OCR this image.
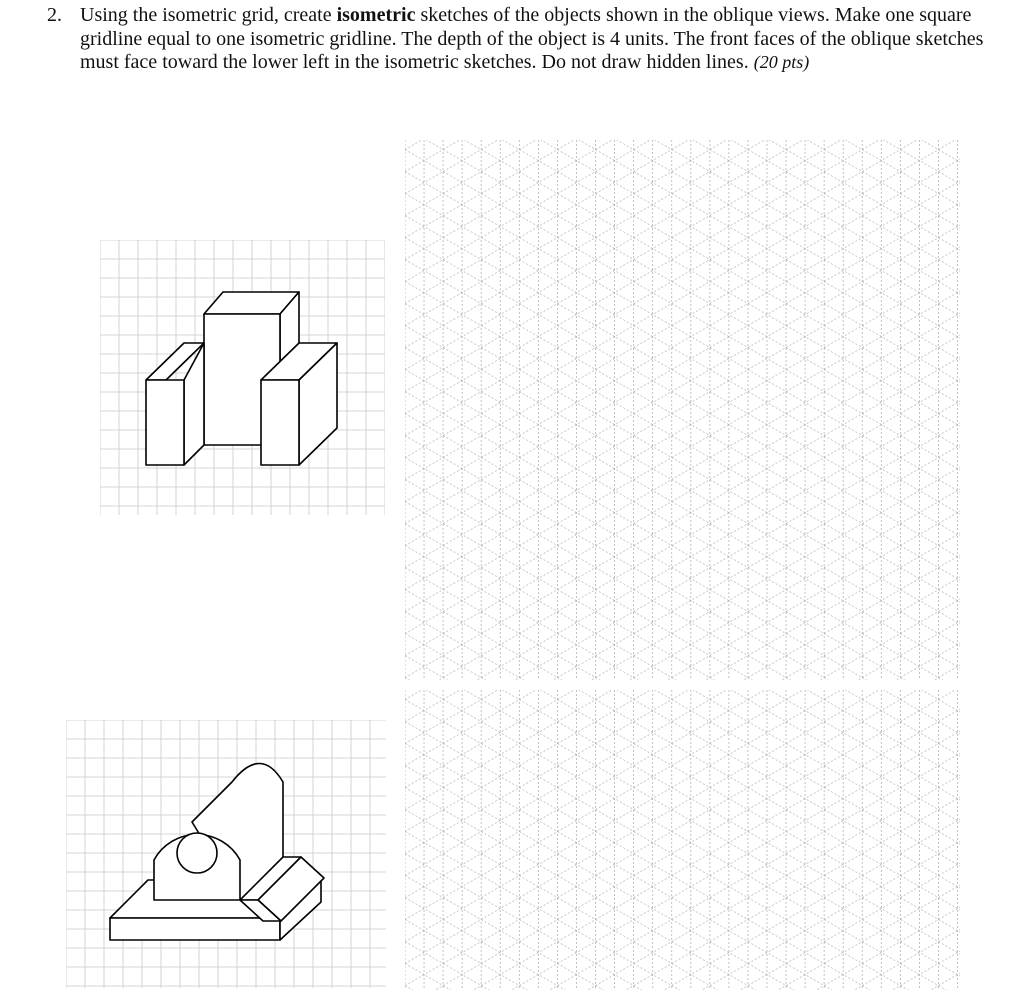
2. Using the isometric grid, create isometric sketches of the objects shown in the oblique views. Make one square gridline equal to one isometric gridline. The depth of the object is 4 units. The front faces of the oblique sketches must face toward the lower left in the isometric sketches. Do not draw hidden lines. (20 pts)
